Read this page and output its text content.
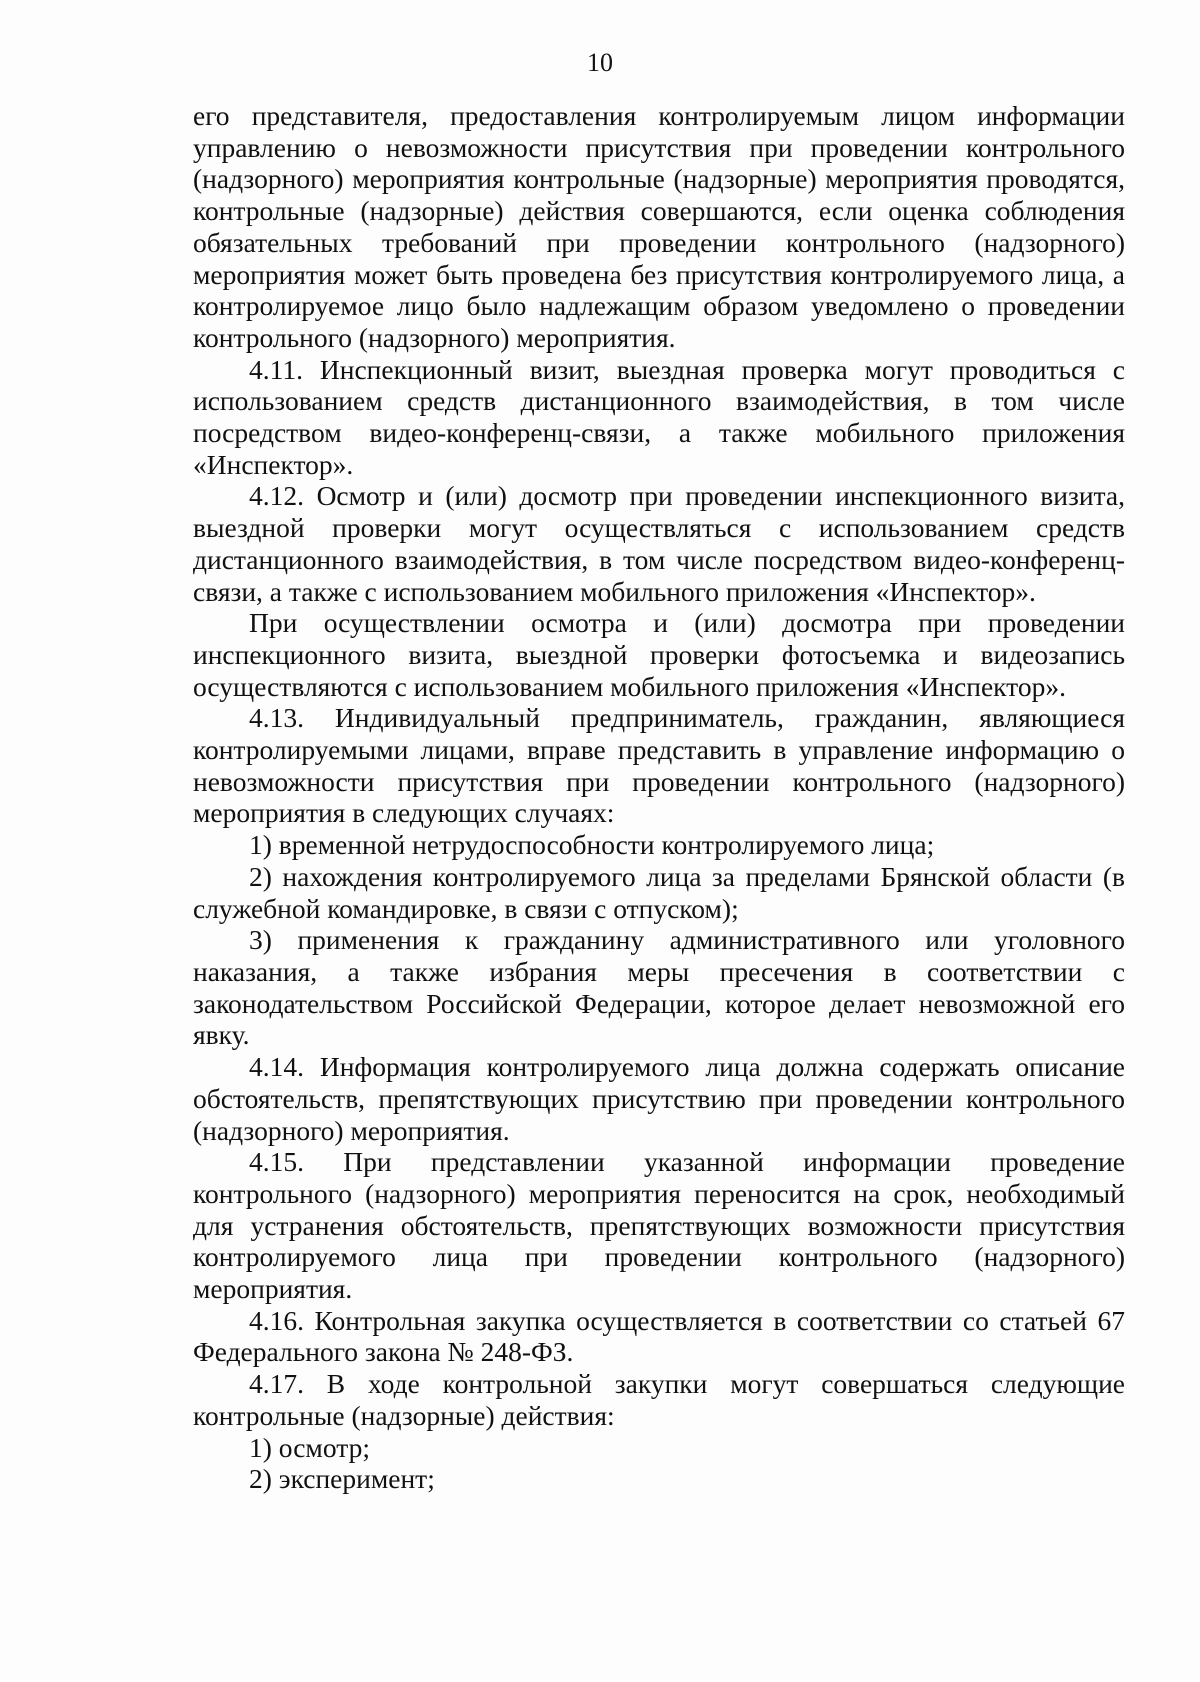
10

его представителя, предоставления контролируемым лицом информации управлению о невозможности присутствия при проведении контрольного (надзорного) мероприятия контрольные (надзорные) мероприятия проводятся, контрольные (надзорные) действия совершаются, если оценка соблюдения обязательных требований при проведении контрольного (надзорного) мероприятия может быть проведена без присутствия контролируемого лица, а контролируемое лицо было надлежащим образом уведомлено о проведении контрольного (надзорного) мероприятия.

4.11. Инспекционный визит, выездная проверка могут проводиться с использованием средств дистанционного взаимодействия, в том числе посредством видео-конференц-связи, а также мобильного приложения «Инспектор».

4.12. Осмотр и (или) досмотр при проведении инспекционного визита, выездной проверки могут осуществляться с использованием средств дистанционного взаимодействия, в том числе посредством видео-конференц-связи, а также с использованием мобильного приложения «Инспектор».

При осуществлении осмотра и (или) досмотра при проведении инспекционного визита, выездной проверки фотосъемка и видеозапись осуществляются с использованием мобильного приложения «Инспектор».

4.13. Индивидуальный предприниматель, гражданин, являющиеся контролируемыми лицами, вправе представить в управление информацию о невозможности присутствия при проведении контрольного (надзорного) мероприятия в следующих случаях:

1) временной нетрудоспособности контролируемого лица;

2) нахождения контролируемого лица за пределами Брянской области (в служебной командировке, в связи с отпуском);

3) применения к гражданину административного или уголовного наказания, а также избрания меры пресечения в соответствии с законодательством Российской Федерации, которое делает невозможной его явку.

4.14. Информация контролируемого лица должна содержать описание обстоятельств, препятствующих присутствию при проведении контрольного (надзорного) мероприятия.

4.15. При представлении указанной информации проведение контрольного (надзорного) мероприятия переносится на срок, необходимый для устранения обстоятельств, препятствующих возможности присутствия контролируемого лица при проведении контрольного (надзорного) мероприятия.

4.16. Контрольная закупка осуществляется в соответствии со статьей 67 Федерального закона № 248-ФЗ.

4.17. В ходе контрольной закупки могут совершаться следующие контрольные (надзорные) действия:

1) осмотр;

2) эксперимент;
